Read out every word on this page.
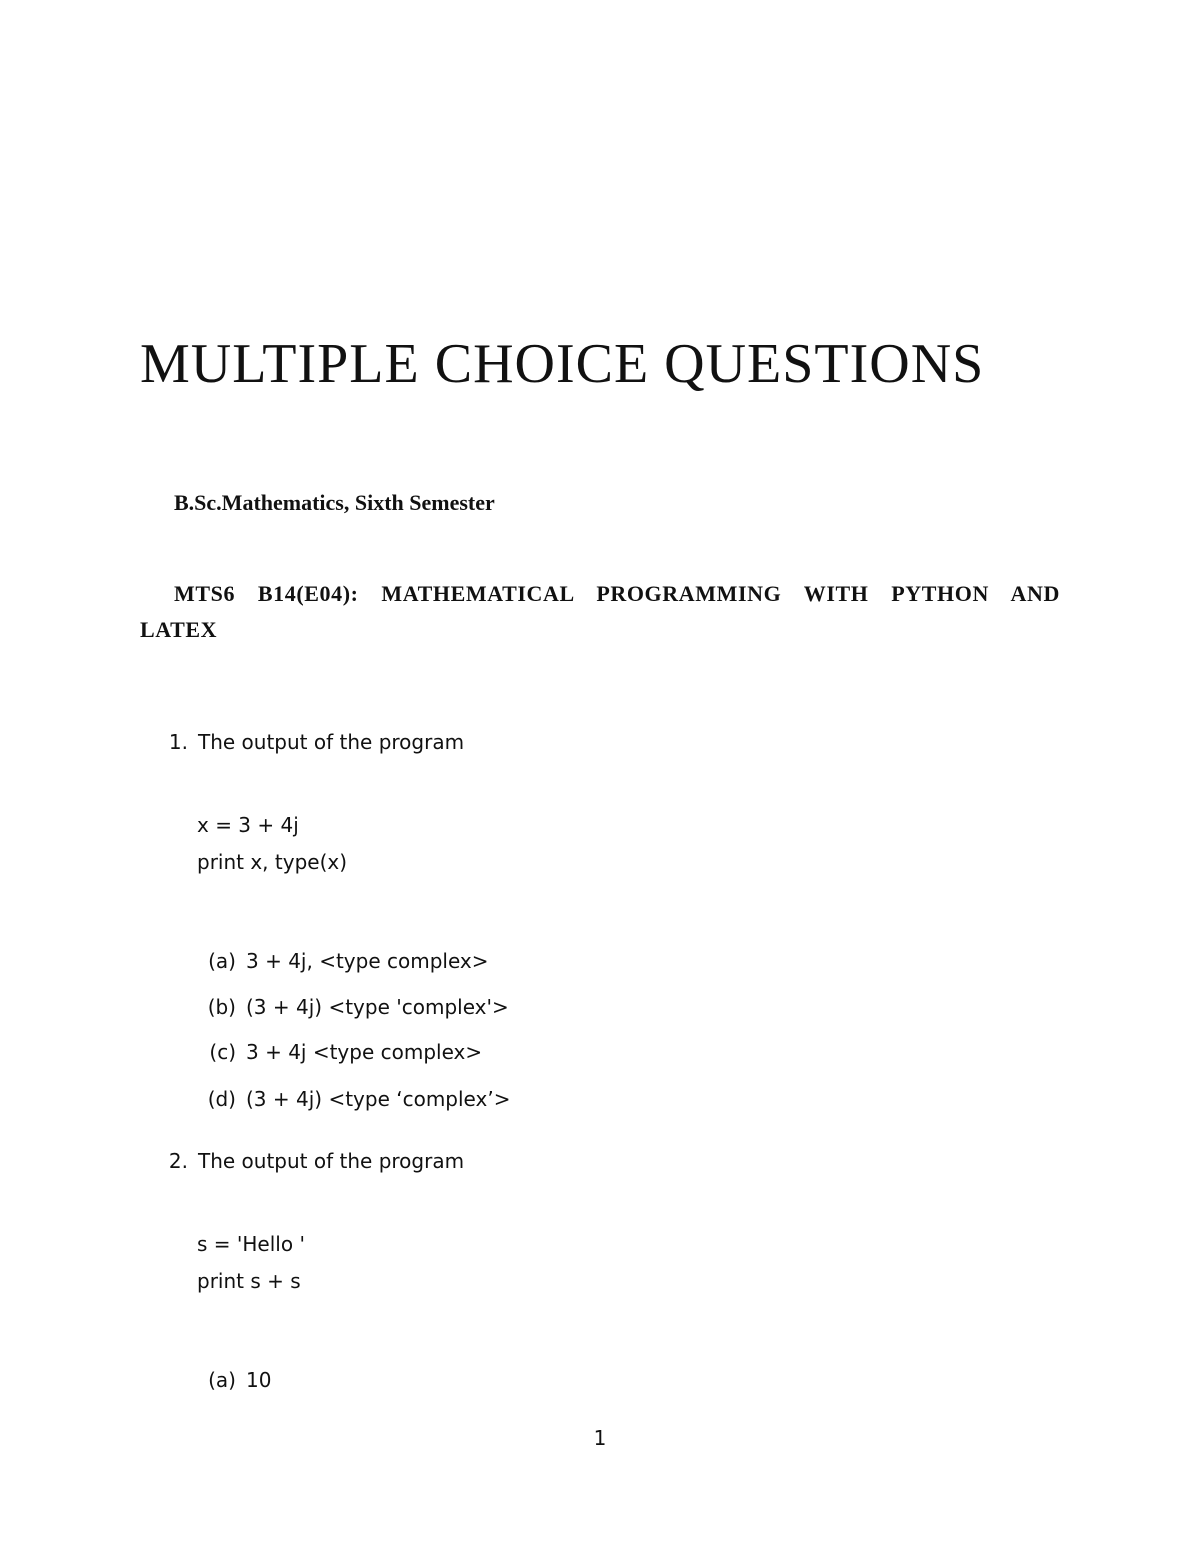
MULTIPLE CHOICE QUESTIONS

B.Sc.Mathematics, Sixth Semester

MTS6 B14(E04): MATHEMATICAL PROGRAMMING WITH PYTHON AND LATEX

1. The output of the program
x = 3 + 4j
print x, type(x)
(a) 3 + 4j, <type complex>
(b) (3 + 4j) <type 'complex'>
(c) 3 + 4j <type complex>
(d) (3 + 4j) <type ‘complex’>
2. The output of the program
s = 'Hello '
print s + s
(a) 10
1
